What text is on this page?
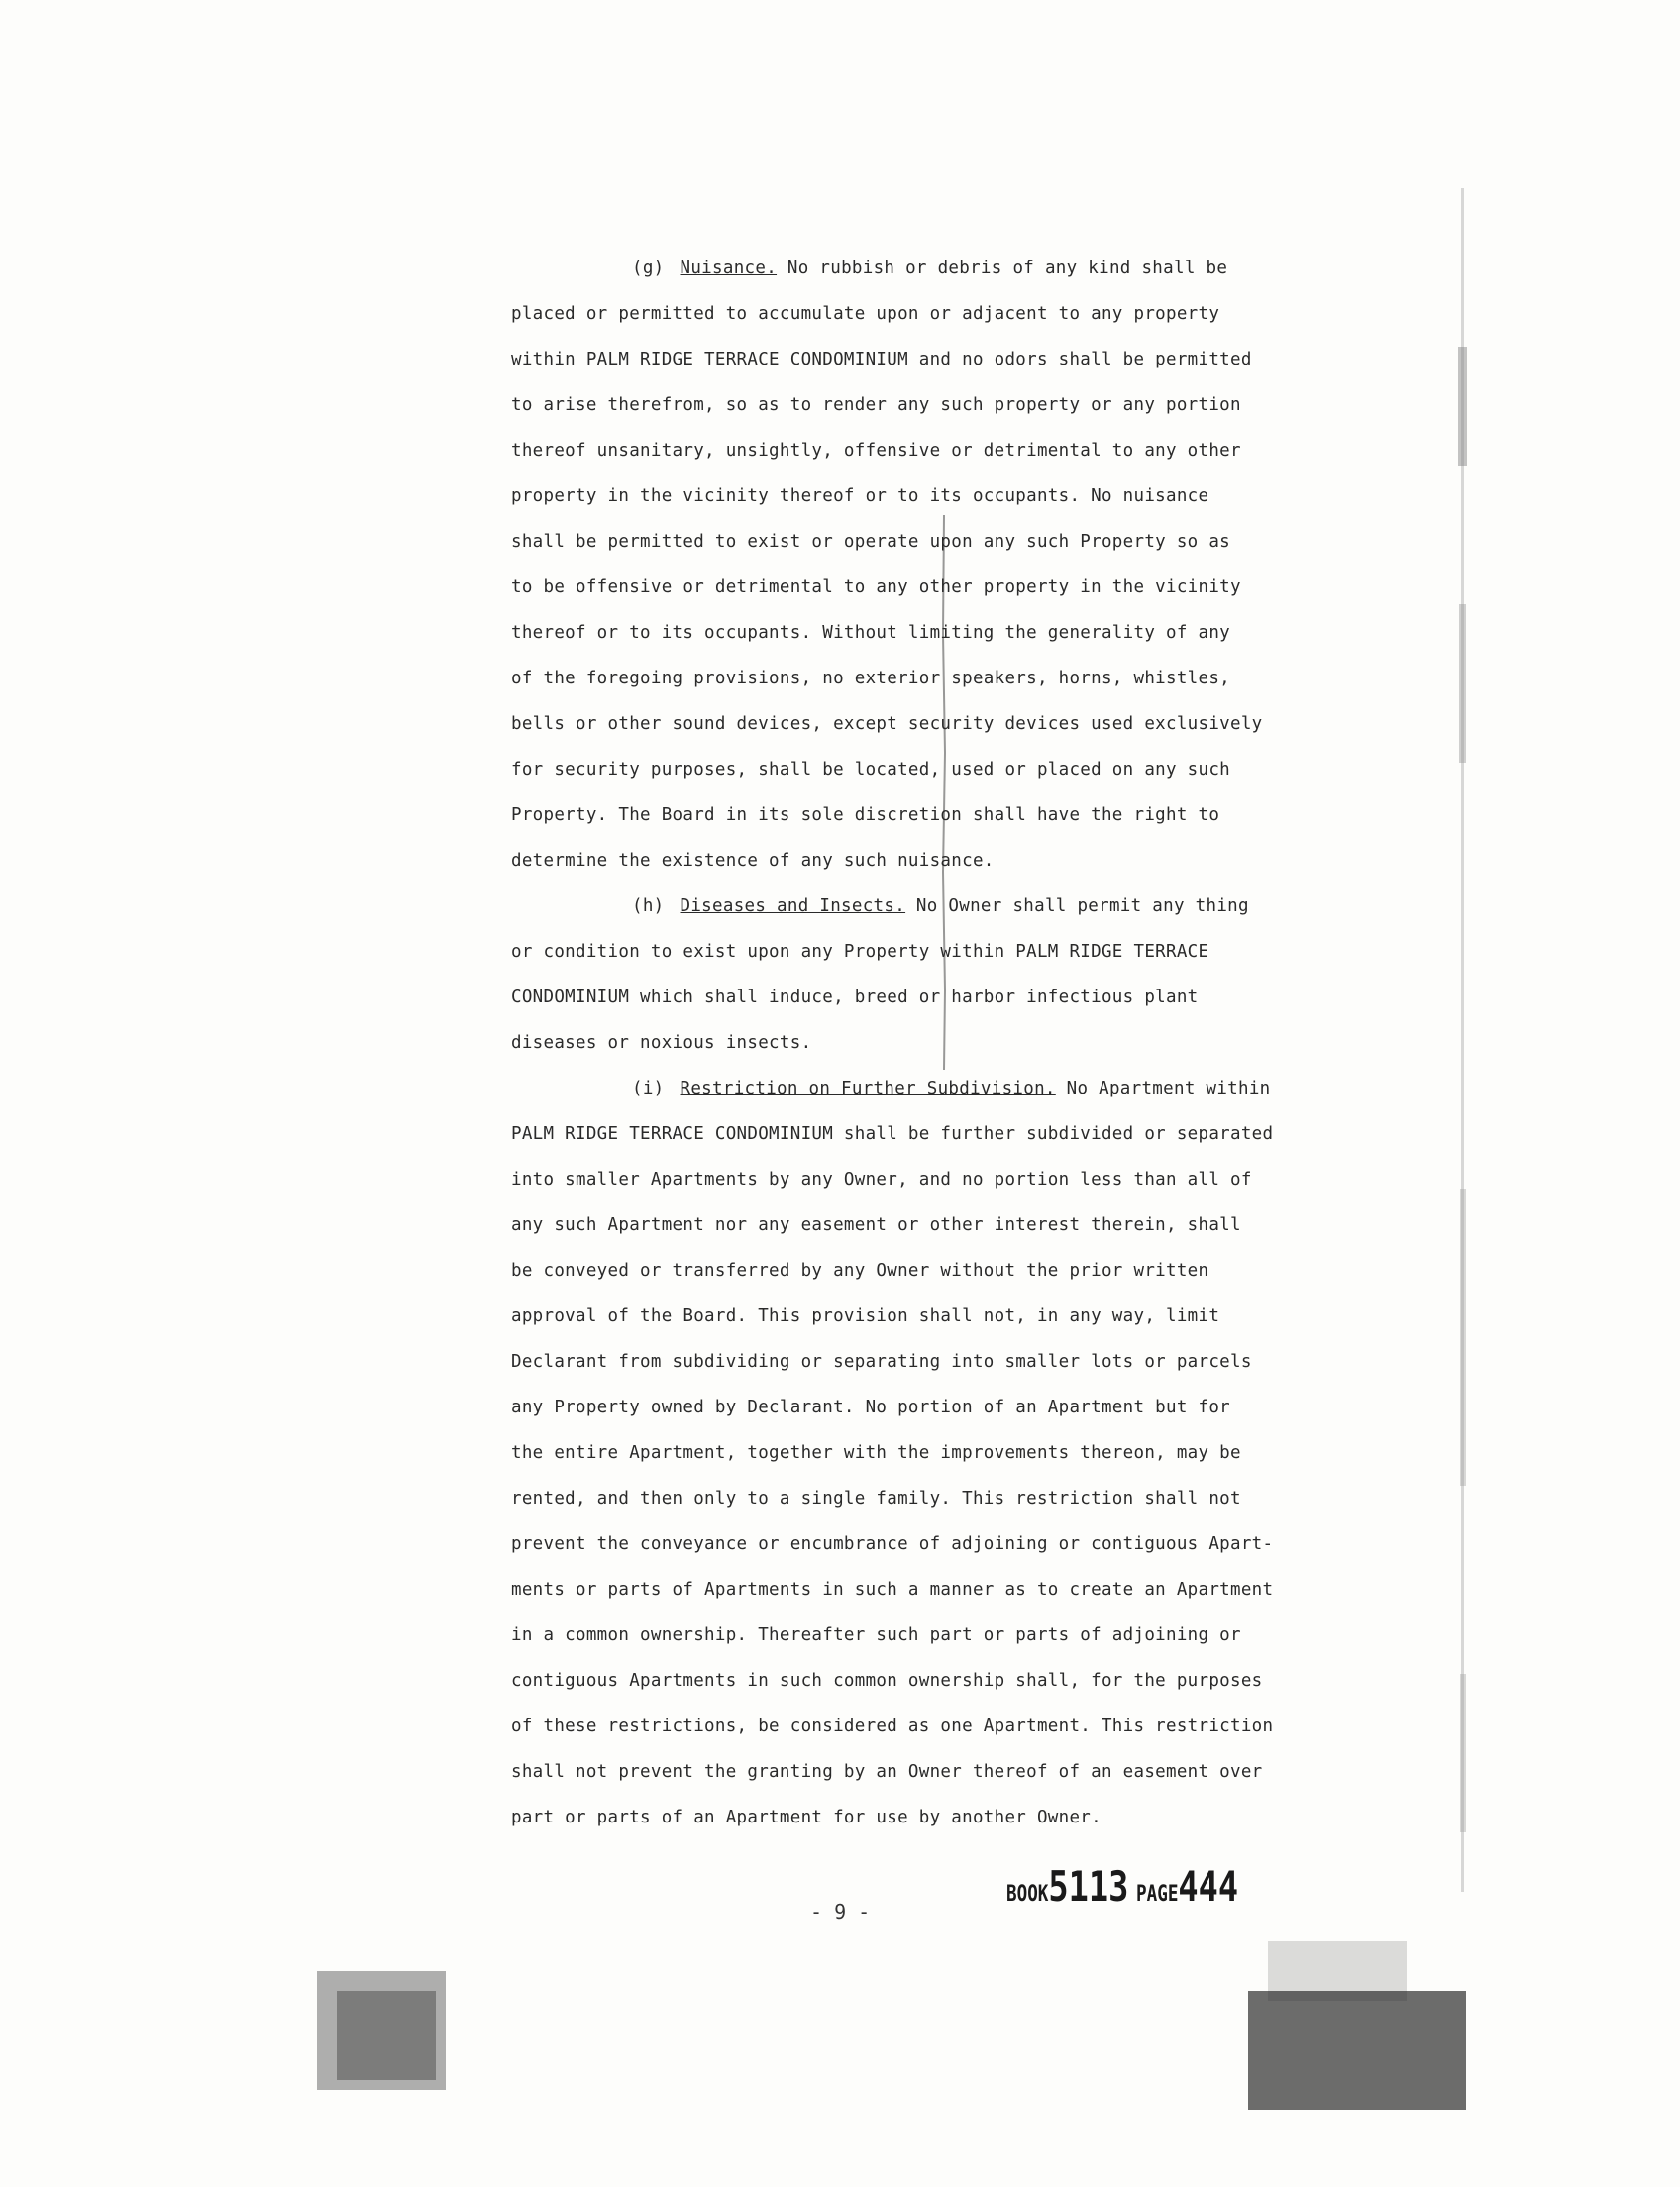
(g) Nuisance. No rubbish or debris of any kind shall be
placed or permitted to accumulate upon or adjacent to any property
within PALM RIDGE TERRACE CONDOMINIUM and no odors shall be permitted
to arise therefrom, so as to render any such property or any portion
thereof unsanitary, unsightly, offensive or detrimental to any other
property in the vicinity thereof or to its occupants. No nuisance
shall be permitted to exist or operate upon any such Property so as
to be offensive or detrimental to any other property in the vicinity
thereof or to its occupants. Without limiting the generality of any
of the foregoing provisions, no exterior speakers, horns, whistles,
bells or other sound devices, except security devices used exclusively
for security purposes, shall be located, used or placed on any such
Property. The Board in its sole discretion shall have the right to
determine the existence of any such nuisance.
(h) Diseases and Insects. No Owner shall permit any thing
or condition to exist upon any Property within PALM RIDGE TERRACE
CONDOMINIUM which shall induce, breed or harbor infectious plant
diseases or noxious insects.
(i) Restriction on Further Subdivision. No Apartment within
PALM RIDGE TERRACE CONDOMINIUM shall be further subdivided or separated
into smaller Apartments by any Owner, and no portion less than all of
any such Apartment nor any easement or other interest therein, shall
be conveyed or transferred by any Owner without the prior written
approval of the Board. This provision shall not, in any way, limit
Declarant from subdividing or separating into smaller lots or parcels
any Property owned by Declarant. No portion of an Apartment but for
the entire Apartment, together with the improvements thereon, may be
rented, and then only to a single family. This restriction shall not
prevent the conveyance or encumbrance of adjoining or contiguous Apart-
ments or parts of Apartments in such a manner as to create an Apartment
in a common ownership. Thereafter such part or parts of adjoining or
contiguous Apartments in such common ownership shall, for the purposes
of these restrictions, be considered as one Apartment. This restriction
shall not prevent the granting by an Owner thereof of an easement over
part or parts of an Apartment for use by another Owner.
- 9 -
BOOK5113 PAGE444
